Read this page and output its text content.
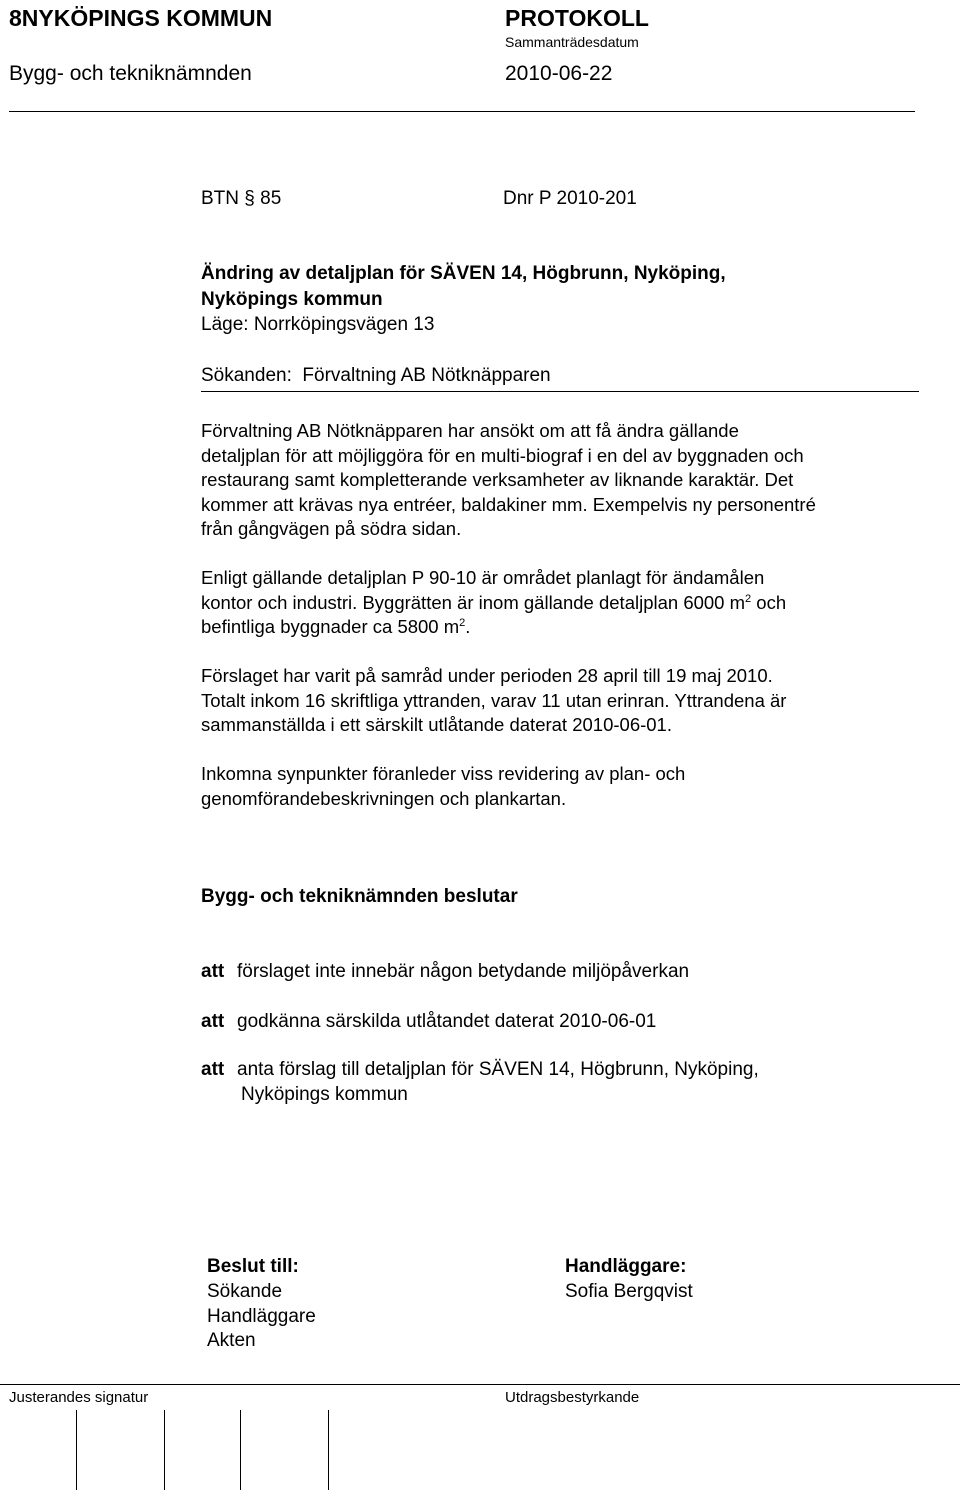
8NYKÖPINGS KOMMUN	PROTOKOLL
Sammanträdesdatum
Bygg- och tekniknämnden	2010-06-22
BTN § 85	Dnr P 2010-201
Ändring av detaljplan för SÄVEN 14, Högbrunn, Nyköping,
Nyköpings kommun
Läge: Norrköpingsvägen 13
Sökanden:  Förvaltning AB Nötknäpparen
Förvaltning AB Nötknäpparen har ansökt om att få ändra gällande
detaljplan för att möjliggöra för en multi-biograf i en del av byggnaden och
restaurang samt kompletterande verksamheter av liknande karaktär. Det
kommer att krävas nya entréer, baldakiner mm. Exempelvis ny personentré
från gångvägen på södra sidan.
Enligt gällande detaljplan P 90-10 är området planlagt för ändamålen
kontor och industri. Byggrätten är inom gällande detaljplan 6000 $m^2$ och
befintliga byggnader ca 5800 $m^2$.
Förslaget har varit på samråd under perioden 28 april till 19 maj 2010.
Totalt inkom 16 skriftliga yttranden, varav 11 utan erinran. Yttrandena är
sammanställda i ett särskilt utlåtande daterat 2010-06-01.
Inkomna synpunkter föranleder viss revidering av plan- och
genomförandebeskrivningen och plankartan.
Bygg- och tekniknämnden beslutar
att förslaget inte innebär någon betydande miljöpåverkan
att godkänna särskilda utlåtandet daterat 2010-06-01
att anta förslag till detaljplan för SÄVEN 14, Högbrunn, Nyköping,
Nyköpings kommun
Beslut till:
Sökande
Handläggare
Akten
Handläggare:
Sofia Bergqvist
Justerandes signatur	Utdragsbestyrkande
